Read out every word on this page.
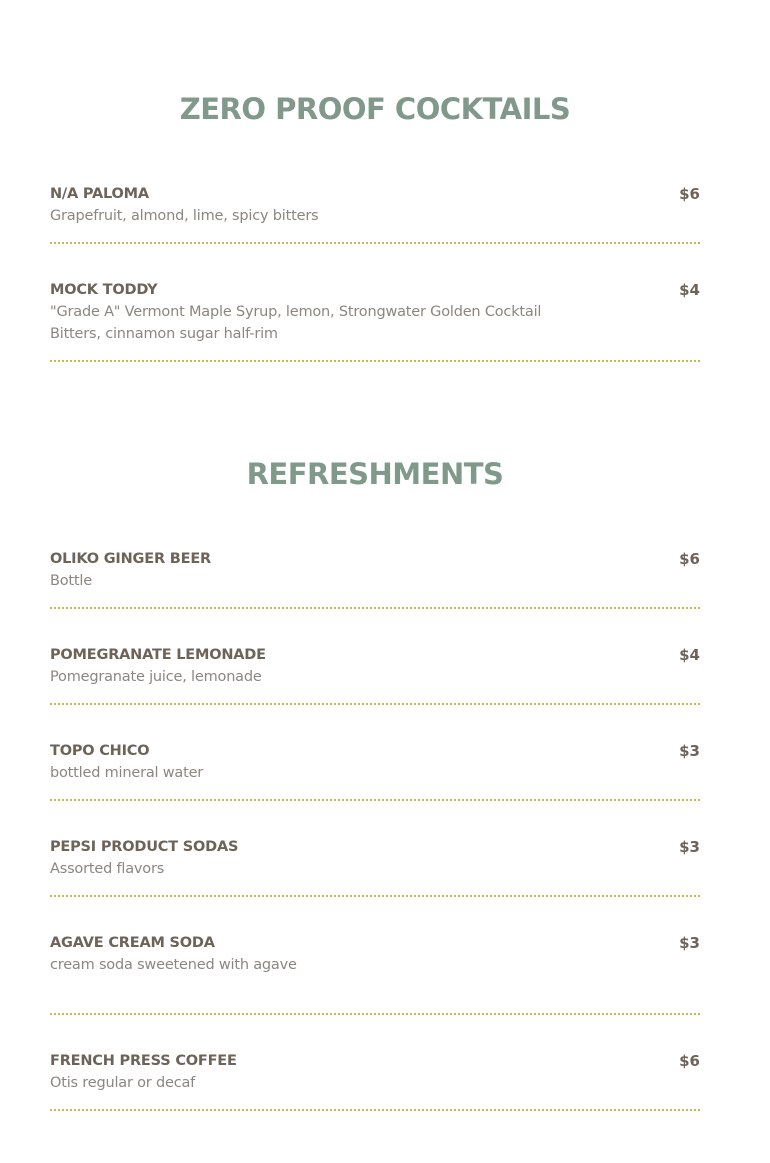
ZERO PROOF COCKTAILS
N/A PALOMA	$6
Grapefruit, almond, lime, spicy bitters
MOCK TODDY	$4
"Grade A" Vermont Maple Syrup, lemon, Strongwater Golden Cocktail Bitters, cinnamon sugar half-rim
REFRESHMENTS
OLIKO GINGER BEER	$6
Bottle
POMEGRANATE LEMONADE	$4
Pomegranate juice, lemonade
TOPO CHICO	$3
bottled mineral water
PEPSI PRODUCT SODAS	$3
Assorted flavors
AGAVE CREAM SODA	$3
cream soda sweetened with agave
FRENCH PRESS COFFEE	$6
Otis regular or decaf
